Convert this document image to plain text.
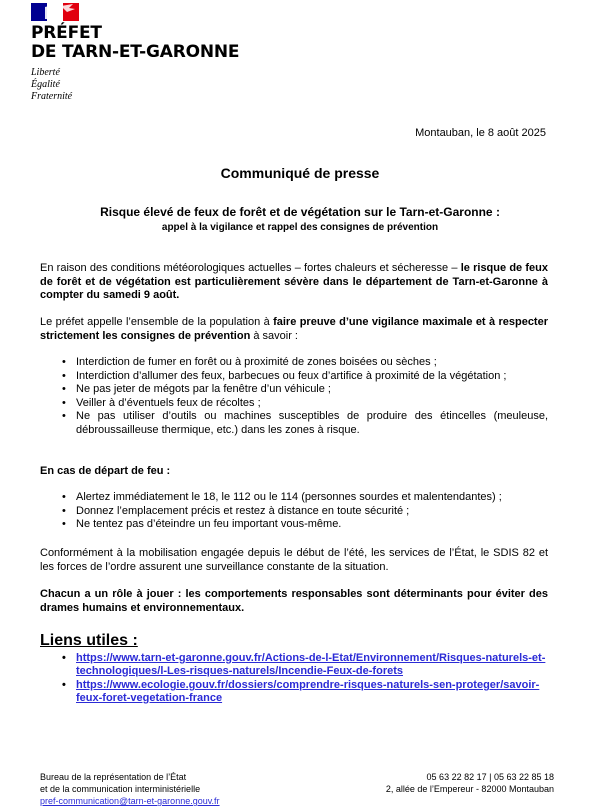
PRÉFET
DE TARN-ET-GARONNE
Liberté
Égalité
Fraternité
Montauban, le 8 août 2025
Communiqué de presse
Risque élevé de feux de forêt et de végétation sur le Tarn-et-Garonne :
appel à la vigilance et rappel des consignes de prévention

En raison des conditions météorologiques actuelles – fortes chaleurs et sécheresse – le risque de feux de forêt et de végétation est particulièrement sévère dans le département de Tarn-et-Garonne à compter du samedi 9 août.

Le préfet appelle l’ensemble de la population à faire preuve d’une vigilance maximale et à respecter strictement les consignes de prévention à savoir :

• Interdiction de fumer en forêt ou à proximité de zones boisées ou sèches ;
• Interdiction d’allumer des feux, barbecues ou feux d’artifice à proximité de la végétation ;
• Ne pas jeter de mégots par la fenêtre d’un véhicule ;
• Veiller à d’éventuels feux de récoltes ;
• Ne pas utiliser d’outils ou machines susceptibles de produire des étincelles (meuleuse, débroussailleuse thermique, etc.) dans les zones à risque.
En cas de départ de feu :
• Alertez immédiatement le 18, le 112 ou le 114 (personnes sourdes et malentendantes) ;
• Donnez l’emplacement précis et restez à distance en toute sécurité ;
• Ne tentez pas d’éteindre un feu important vous-même.
Conformément à la mobilisation engagée depuis le début de l’été, les services de l’État, le SDIS 82 et les forces de l’ordre assurent une surveillance constante de la situation.
Chacun a un rôle à jouer : les comportements responsables sont déterminants pour éviter des drames humains et environnementaux.
Liens utiles :
• https://www.tarn-et-garonne.gouv.fr/Actions-de-l-Etat/Environnement/Risques-naturels-et-technologiques/l-Les-risques-naturels/Incendie-Feux-de-forets
• https://www.ecologie.gouv.fr/dossiers/comprendre-risques-naturels-sen-proteger/savoir-feux-foret-vegetation-france
Bureau de la représentation de l’État
et de la communication interministérielle
pref-communication@tarn-et-garonne.gouv.fr
05 63 22 82 17 | 05 63 22 85 18
2, allée de l’Empereur - 82000 Montauban
